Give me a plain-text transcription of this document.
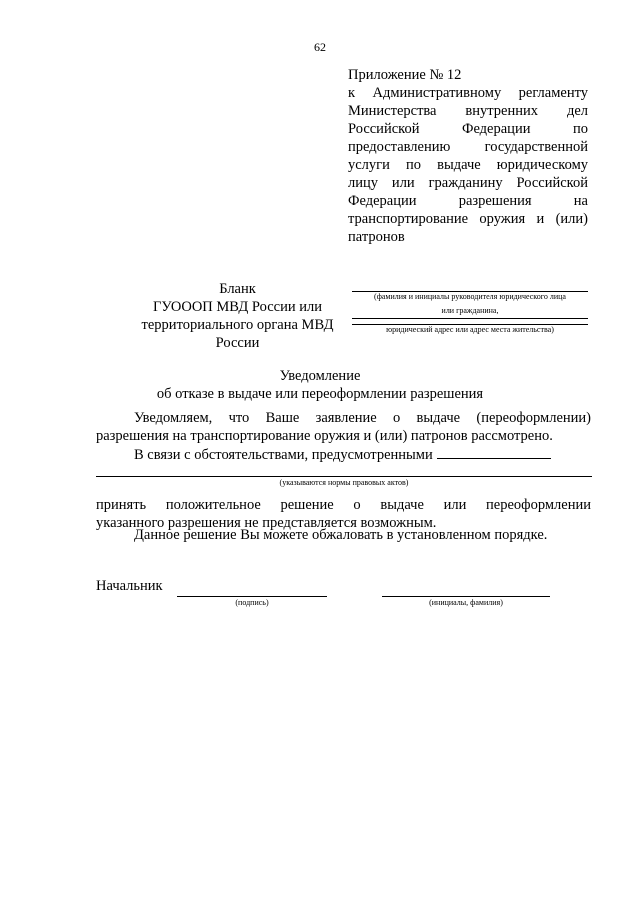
62
Приложение № 12
к Административному регламенту
Министерства внутренних дел
Российской Федерации по
предоставлению государственной
услуги по выдаче юридическому
лицу или гражданину Российской
Федерации разрешения на
транспортирование оружия и (или)
патронов
Бланк
ГУОООП МВД России или
территориального органа МВД России
(фамилия и инициалы руководителя юридического лица
или гражданина,
юридический адрес или адрес места жительства)
Уведомление
об отказе в выдаче или переоформлении разрешения
Уведомляем, что Ваше заявление о выдаче (переоформлении)
разрешения на транспортирование оружия и (или) патронов рассмотрено.
В связи с обстоятельствами, предусмотренными
(указываются нормы правовых актов)
принять положительное решение о выдаче или переоформлении
указанного разрешения не представляется возможным.
Данное решение Вы можете обжаловать в установленном порядке.
Начальник
(подпись)	(инициалы, фамилия)
